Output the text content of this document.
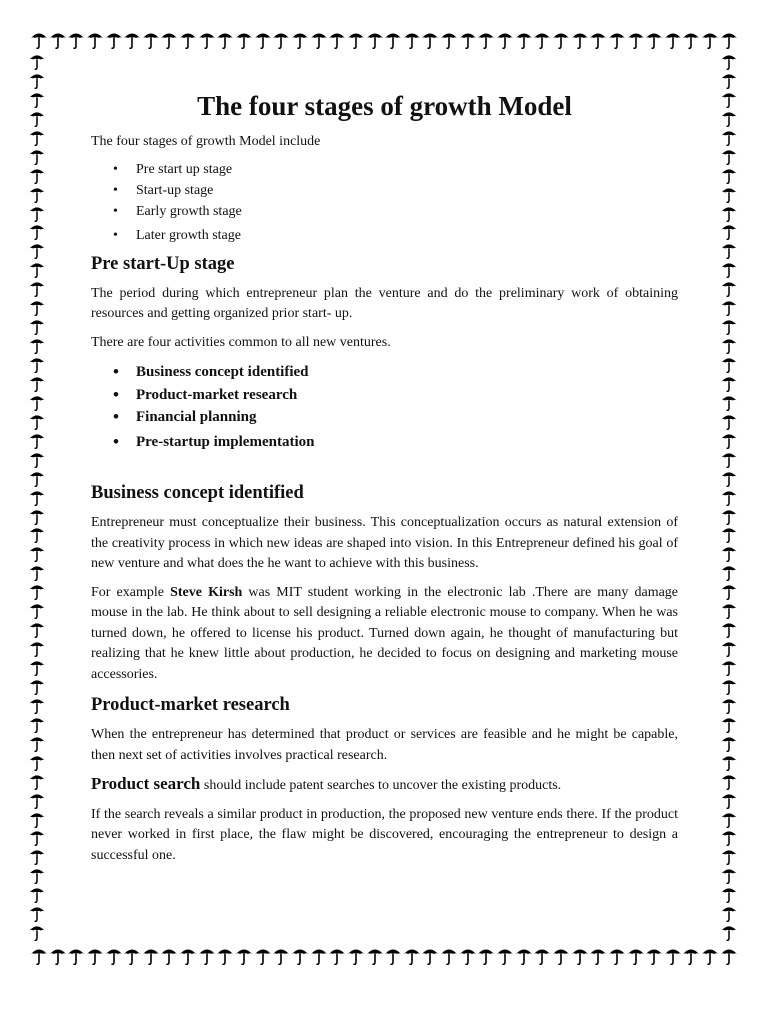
The four stages of growth Model

The four stages of growth Model include

• Pre start up stage
• Start-up stage
• Early growth stage
• Later growth stage
Pre start-Up stage

The period during which entrepreneur plan the venture and do the preliminary work of obtaining resources and getting organized prior start- up.

There are four activities common to all new ventures.

• Business concept identified
• Product-market research
• Financial planning
• Pre-startup implementation
Business concept identified

Entrepreneur must conceptualize their business. This conceptualization occurs as natural extension of the creativity process in which new ideas are shaped into vision. In this Entrepreneur defined his goal of new venture and what does the he want to achieve with this business.

For example Steve Kirsh was MIT student working in the electronic lab .There are many damage mouse in the lab. He think about to sell designing a reliable electronic mouse to company. When he was turned down, he offered to license his product. Turned down again, he thought of manufacturing but realizing that he knew little about production, he decided to focus on designing and marketing mouse accessories.

Product-market research

When the entrepreneur has determined that product or services are feasible and he might be capable, then next set of activities involves practical research.

Product search should include patent searches to uncover the existing products.

If the search reveals a similar product in production, the proposed new venture ends there. If the product never worked in first place, the flaw might be discovered, encouraging the entrepreneur to design a successful one.
